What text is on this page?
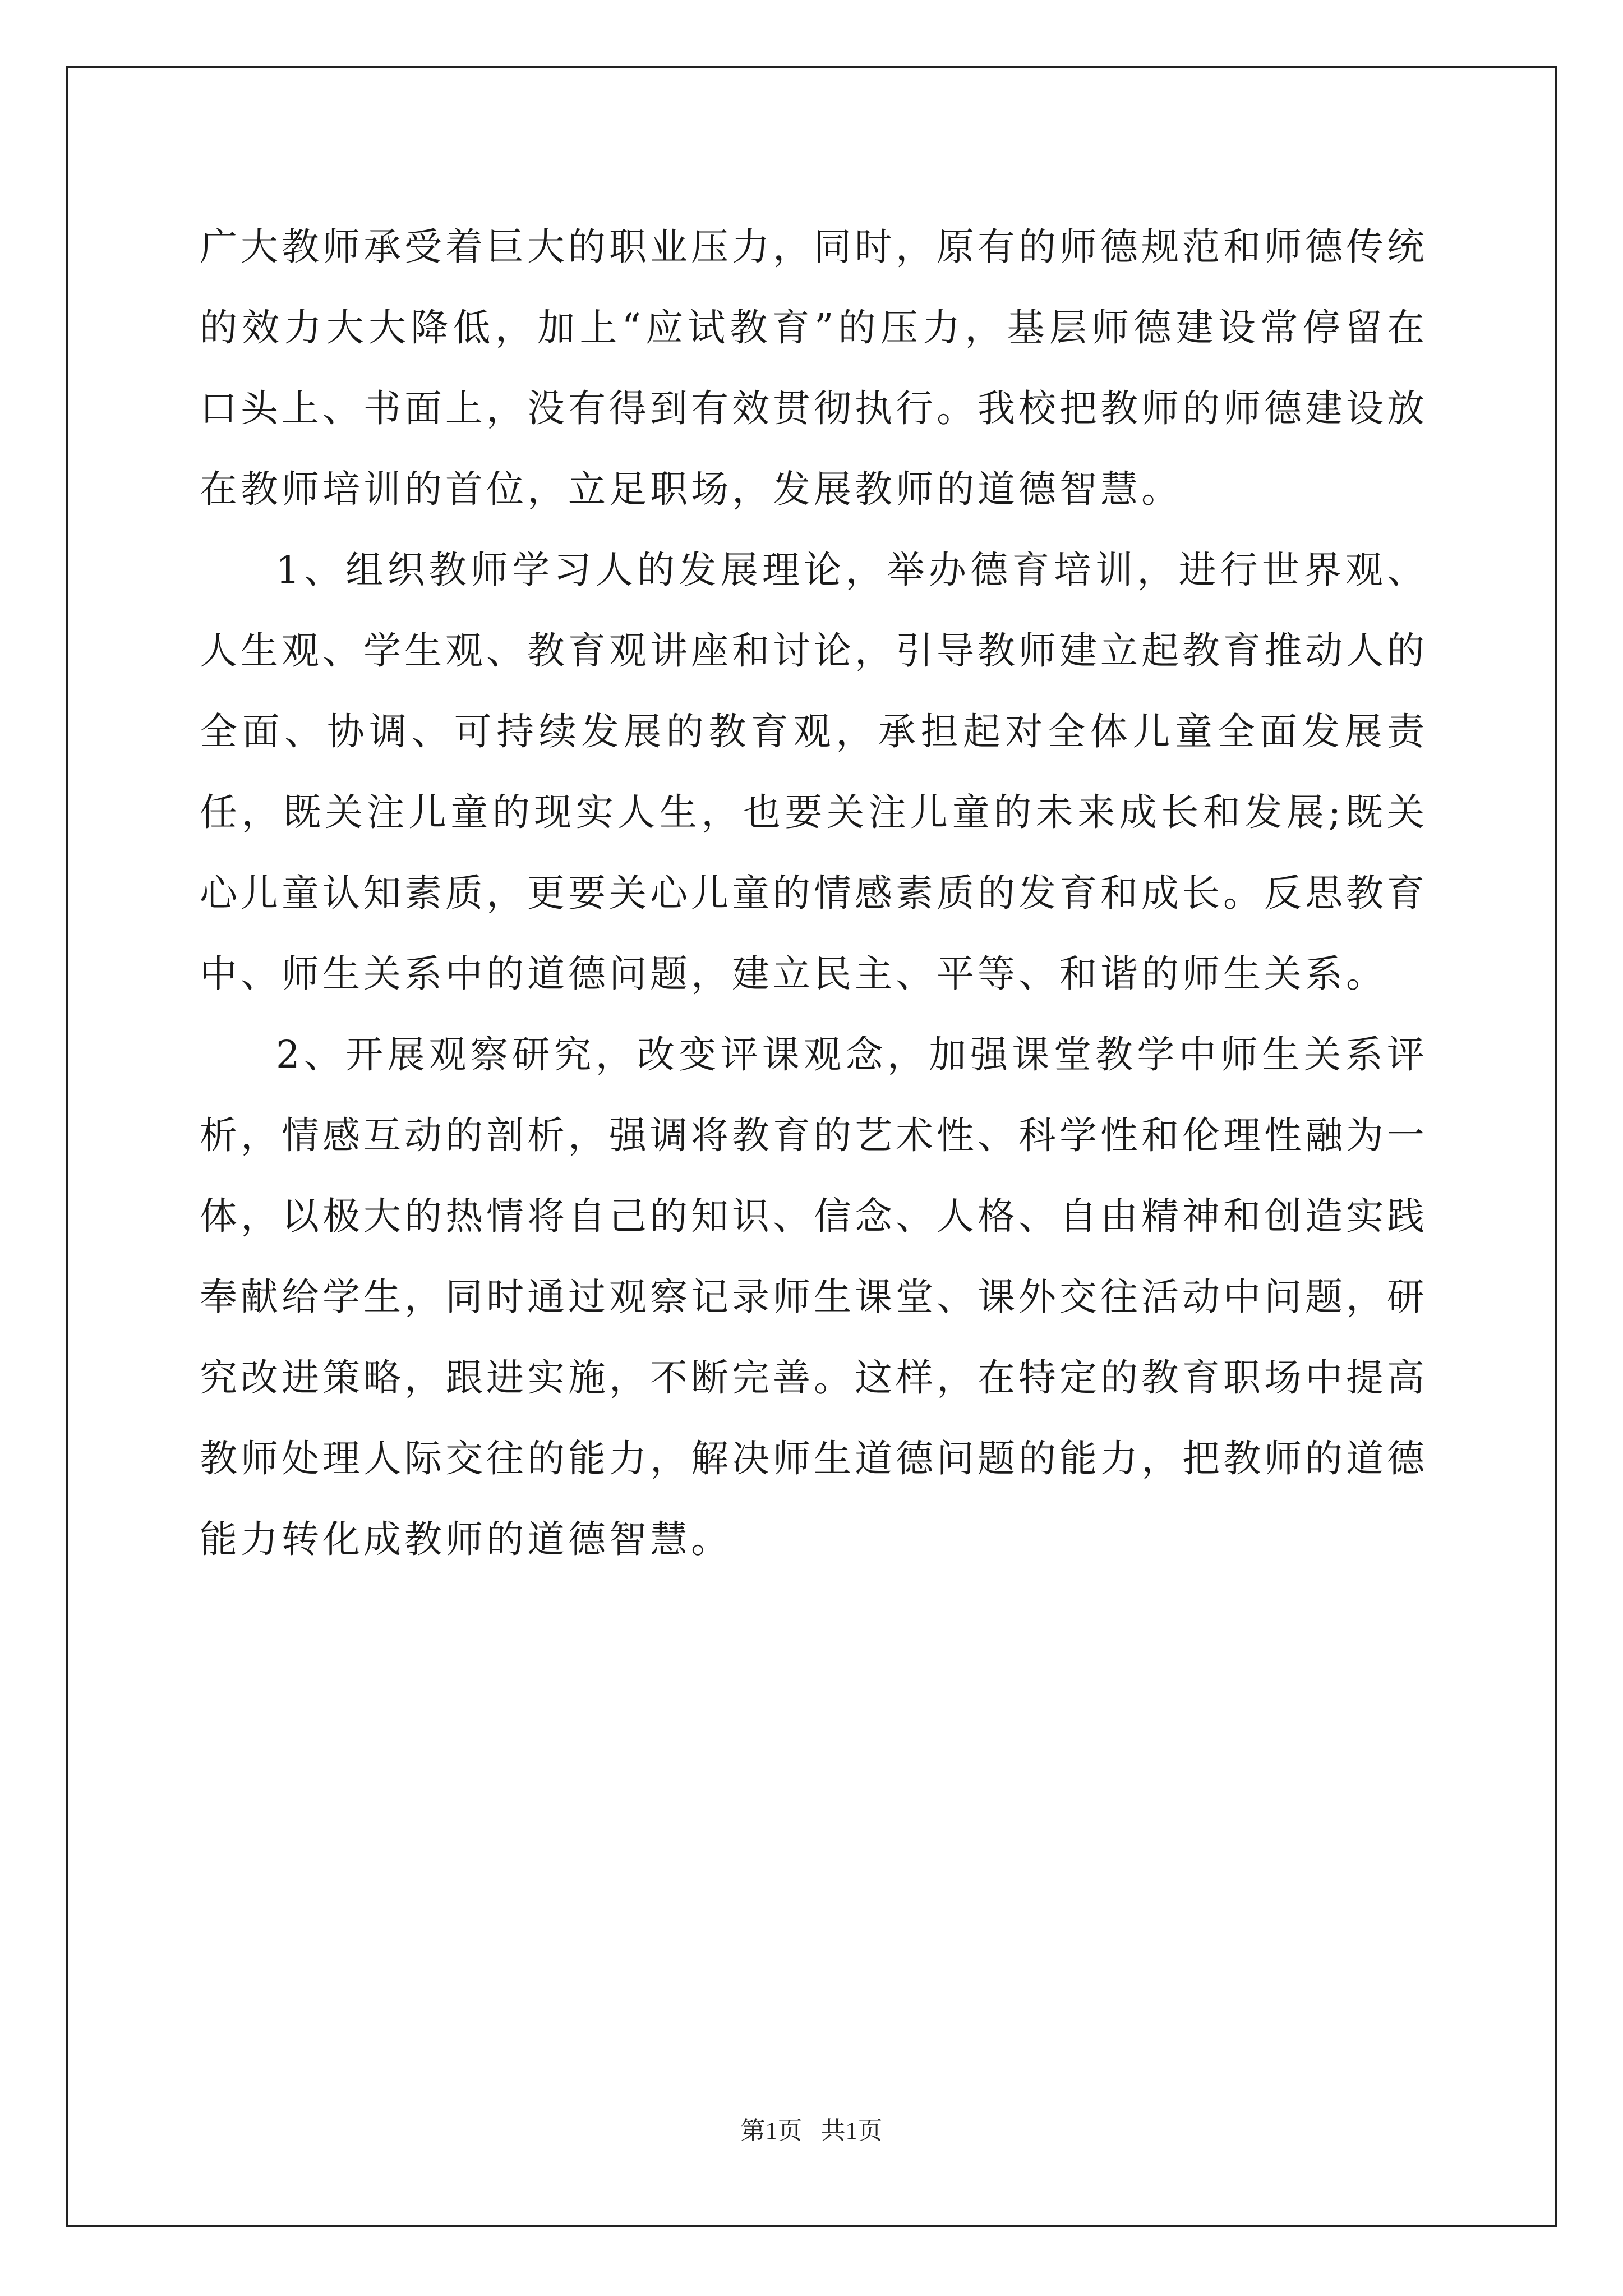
广大教师承受着巨大的职业压力，同时，原有的师德规范和师德传统的效力大大降低，加上“应试教育”的压力，基层师德建设常停留在口头上、书面上，没有得到有效贯彻执行。我校把教师的师德建设放在教师培训的首位，立足职场，发展教师的道德智慧。

1、组织教师学习人的发展理论，举办德育培训，进行世界观、人生观、学生观、教育观讲座和讨论，引导教师建立起教育推动人的全面、协调、可持续发展的教育观，承担起对全体儿童全面发展责任，既关注儿童的现实人生，也要关注儿童的未来成长和发展;既关心儿童认知素质，更要关心儿童的情感素质的发育和成长。反思教育中、师生关系中的道德问题，建立民主、平等、和谐的师生关系。

2、开展观察研究，改变评课观念，加强课堂教学中师生关系评析，情感互动的剖析，强调将教育的艺术性、科学性和伦理性融为一体，以极大的热情将自己的知识、信念、人格、自由精神和创造实践奉献给学生，同时通过观察记录师生课堂、课外交往活动中问题，研究改进策略，跟进实施，不断完善。这样，在特定的教育职场中提高教师处理人际交往的能力，解决师生道德问题的能力，把教师的道德能力转化成教师的道德智慧。

第1页   共1页
